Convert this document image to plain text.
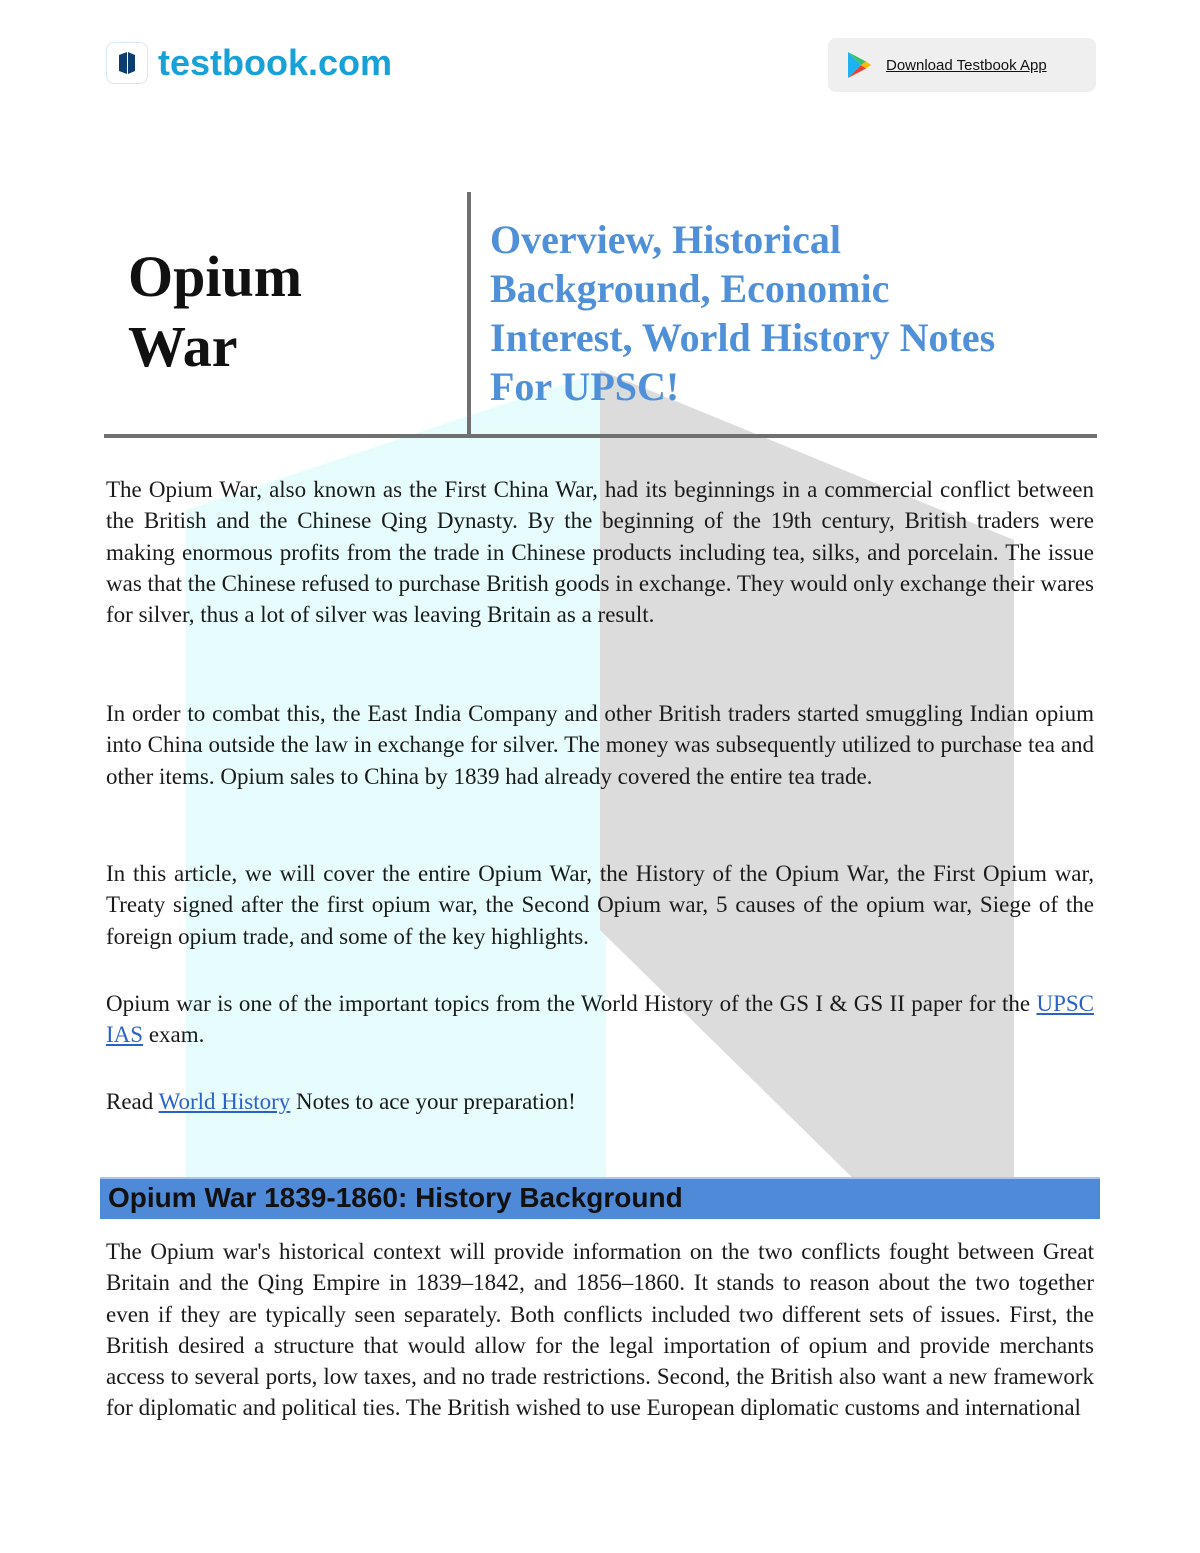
testbook.com	Download Testbook App
Opium
War
Overview, Historical
Background, Economic
Interest, World History Notes
For UPSC!

The Opium War, also known as the First China War, had its beginnings in a commercial conflict between the British and the Chinese Qing Dynasty. By the beginning of the 19th century, British traders were making enormous profits from the trade in Chinese products including tea, silks, and porcelain. The issue was that the Chinese refused to purchase British goods in exchange. They would only exchange their wares for silver, thus a lot of silver was leaving Britain as a result.

In order to combat this, the East India Company and other British traders started smuggling Indian opium into China outside the law in exchange for silver. The money was subsequently utilized to purchase tea and other items. Opium sales to China by 1839 had already covered the entire tea trade.

In this article, we will cover the entire Opium War, the History of the Opium War, the First Opium war, Treaty signed after the first opium war, the Second Opium war, 5 causes of the opium war, Siege of the foreign opium trade, and some of the key highlights.

Opium war is one of the important topics from the World History of the GS I & GS II paper for the UPSC IAS exam.

Read World History Notes to ace your preparation!

Opium War 1839-1860: History Background

The Opium war's historical context will provide information on the two conflicts fought between Great Britain and the Qing Empire in 1839–1842, and 1856–1860. It stands to reason about the two together even if they are typically seen separately. Both conflicts included two different sets of issues. First, the British desired a structure that would allow for the legal importation of opium and provide merchants access to several ports, low taxes, and no trade restrictions. Second, the British also want a new framework for diplomatic and political ties. The British wished to use European diplomatic customs and international
